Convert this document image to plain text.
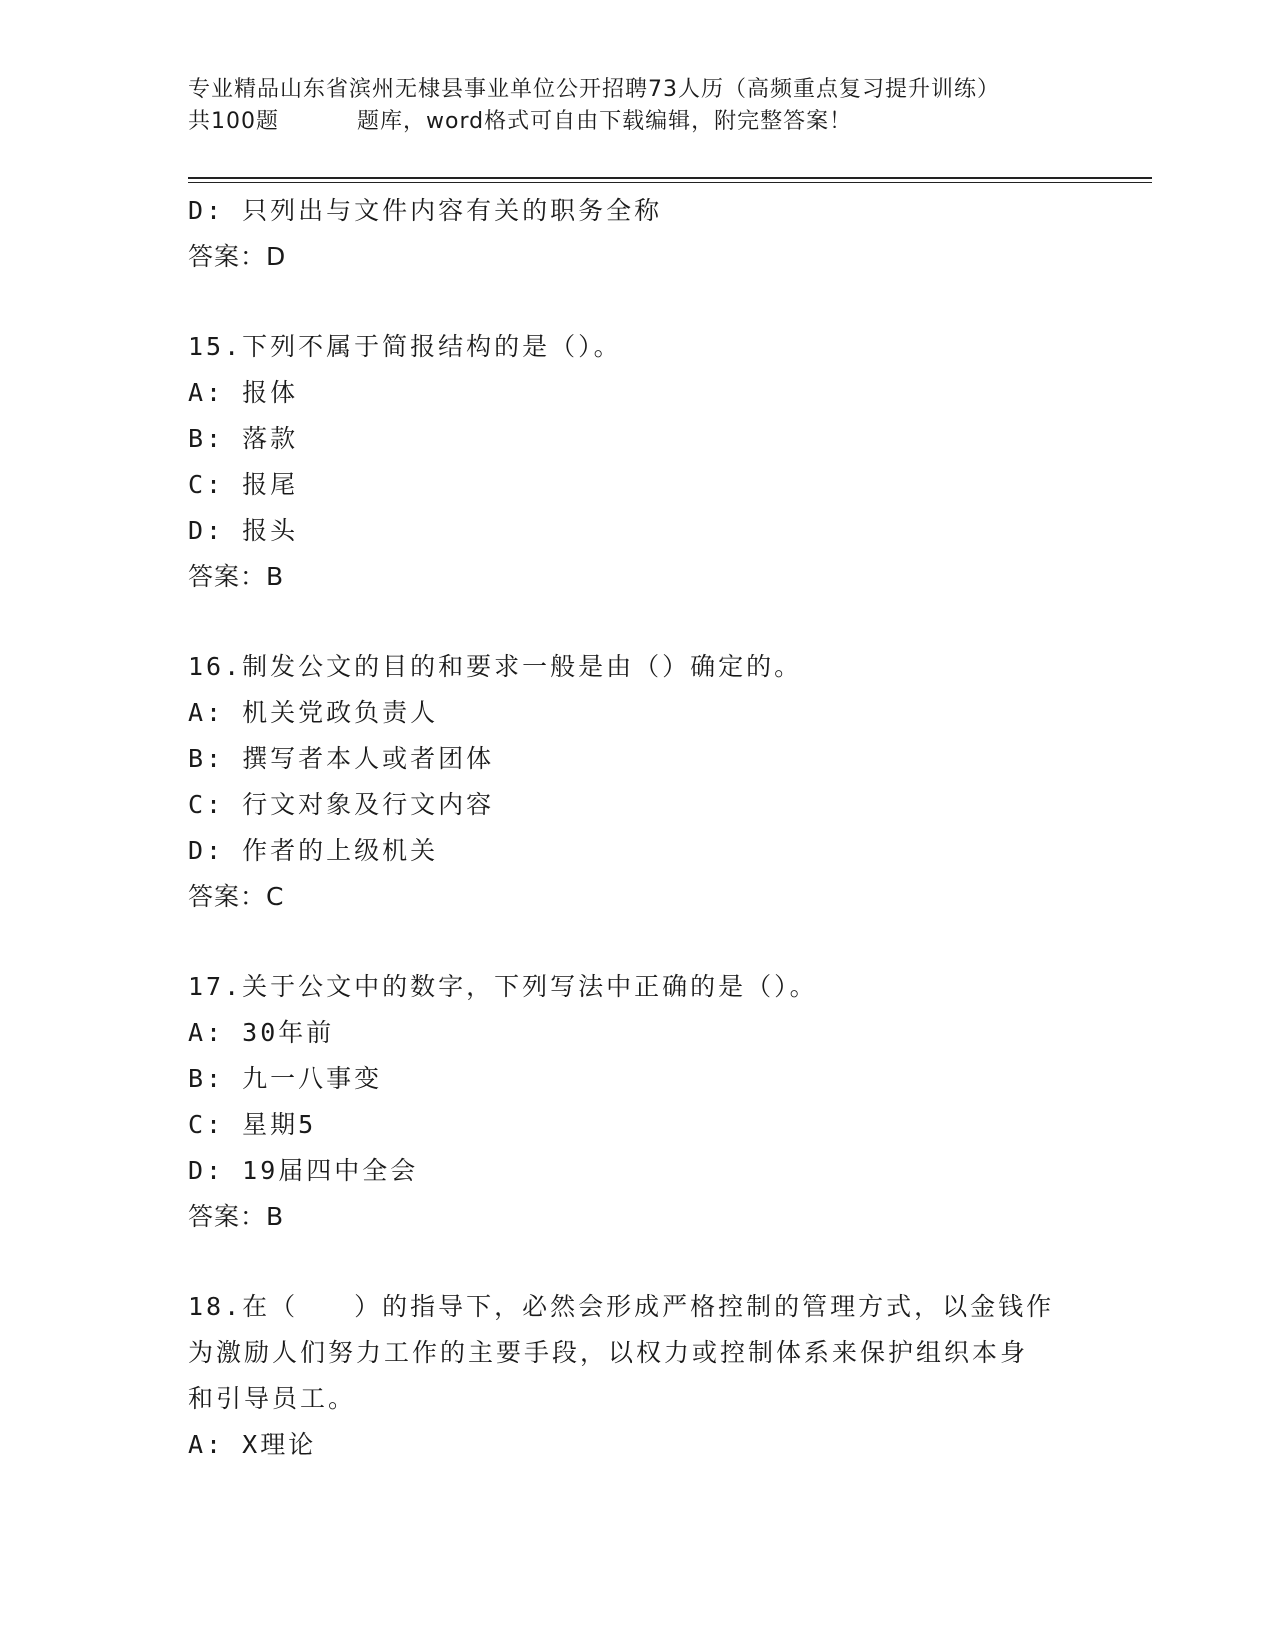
专业精品山东省滨州无棣县事业单位公开招聘73人历（高频重点复习提升训练）
共100题	题库，word格式可自由下载编辑，附完整答案！
D: 只列出与文件内容有关的职务全称
答案：D
15.下列不属于简报结构的是（）。
A: 报体
B: 落款
C: 报尾
D: 报头
答案：B
16.制发公文的目的和要求一般是由（）确定的。
A: 机关党政负责人
B: 撰写者本人或者团体
C: 行文对象及行文内容
D: 作者的上级机关
答案：C
17.关于公文中的数字，下列写法中正确的是（）。
A: 30年前
B: 九一八事变
C: 星期5
D: 19届四中全会
答案：B
18.在（　　）的指导下，必然会形成严格控制的管理方式，以金钱作
为激励人们努力工作的主要手段，以权力或控制体系来保护组织本身
和引导员工。
A: X理论
